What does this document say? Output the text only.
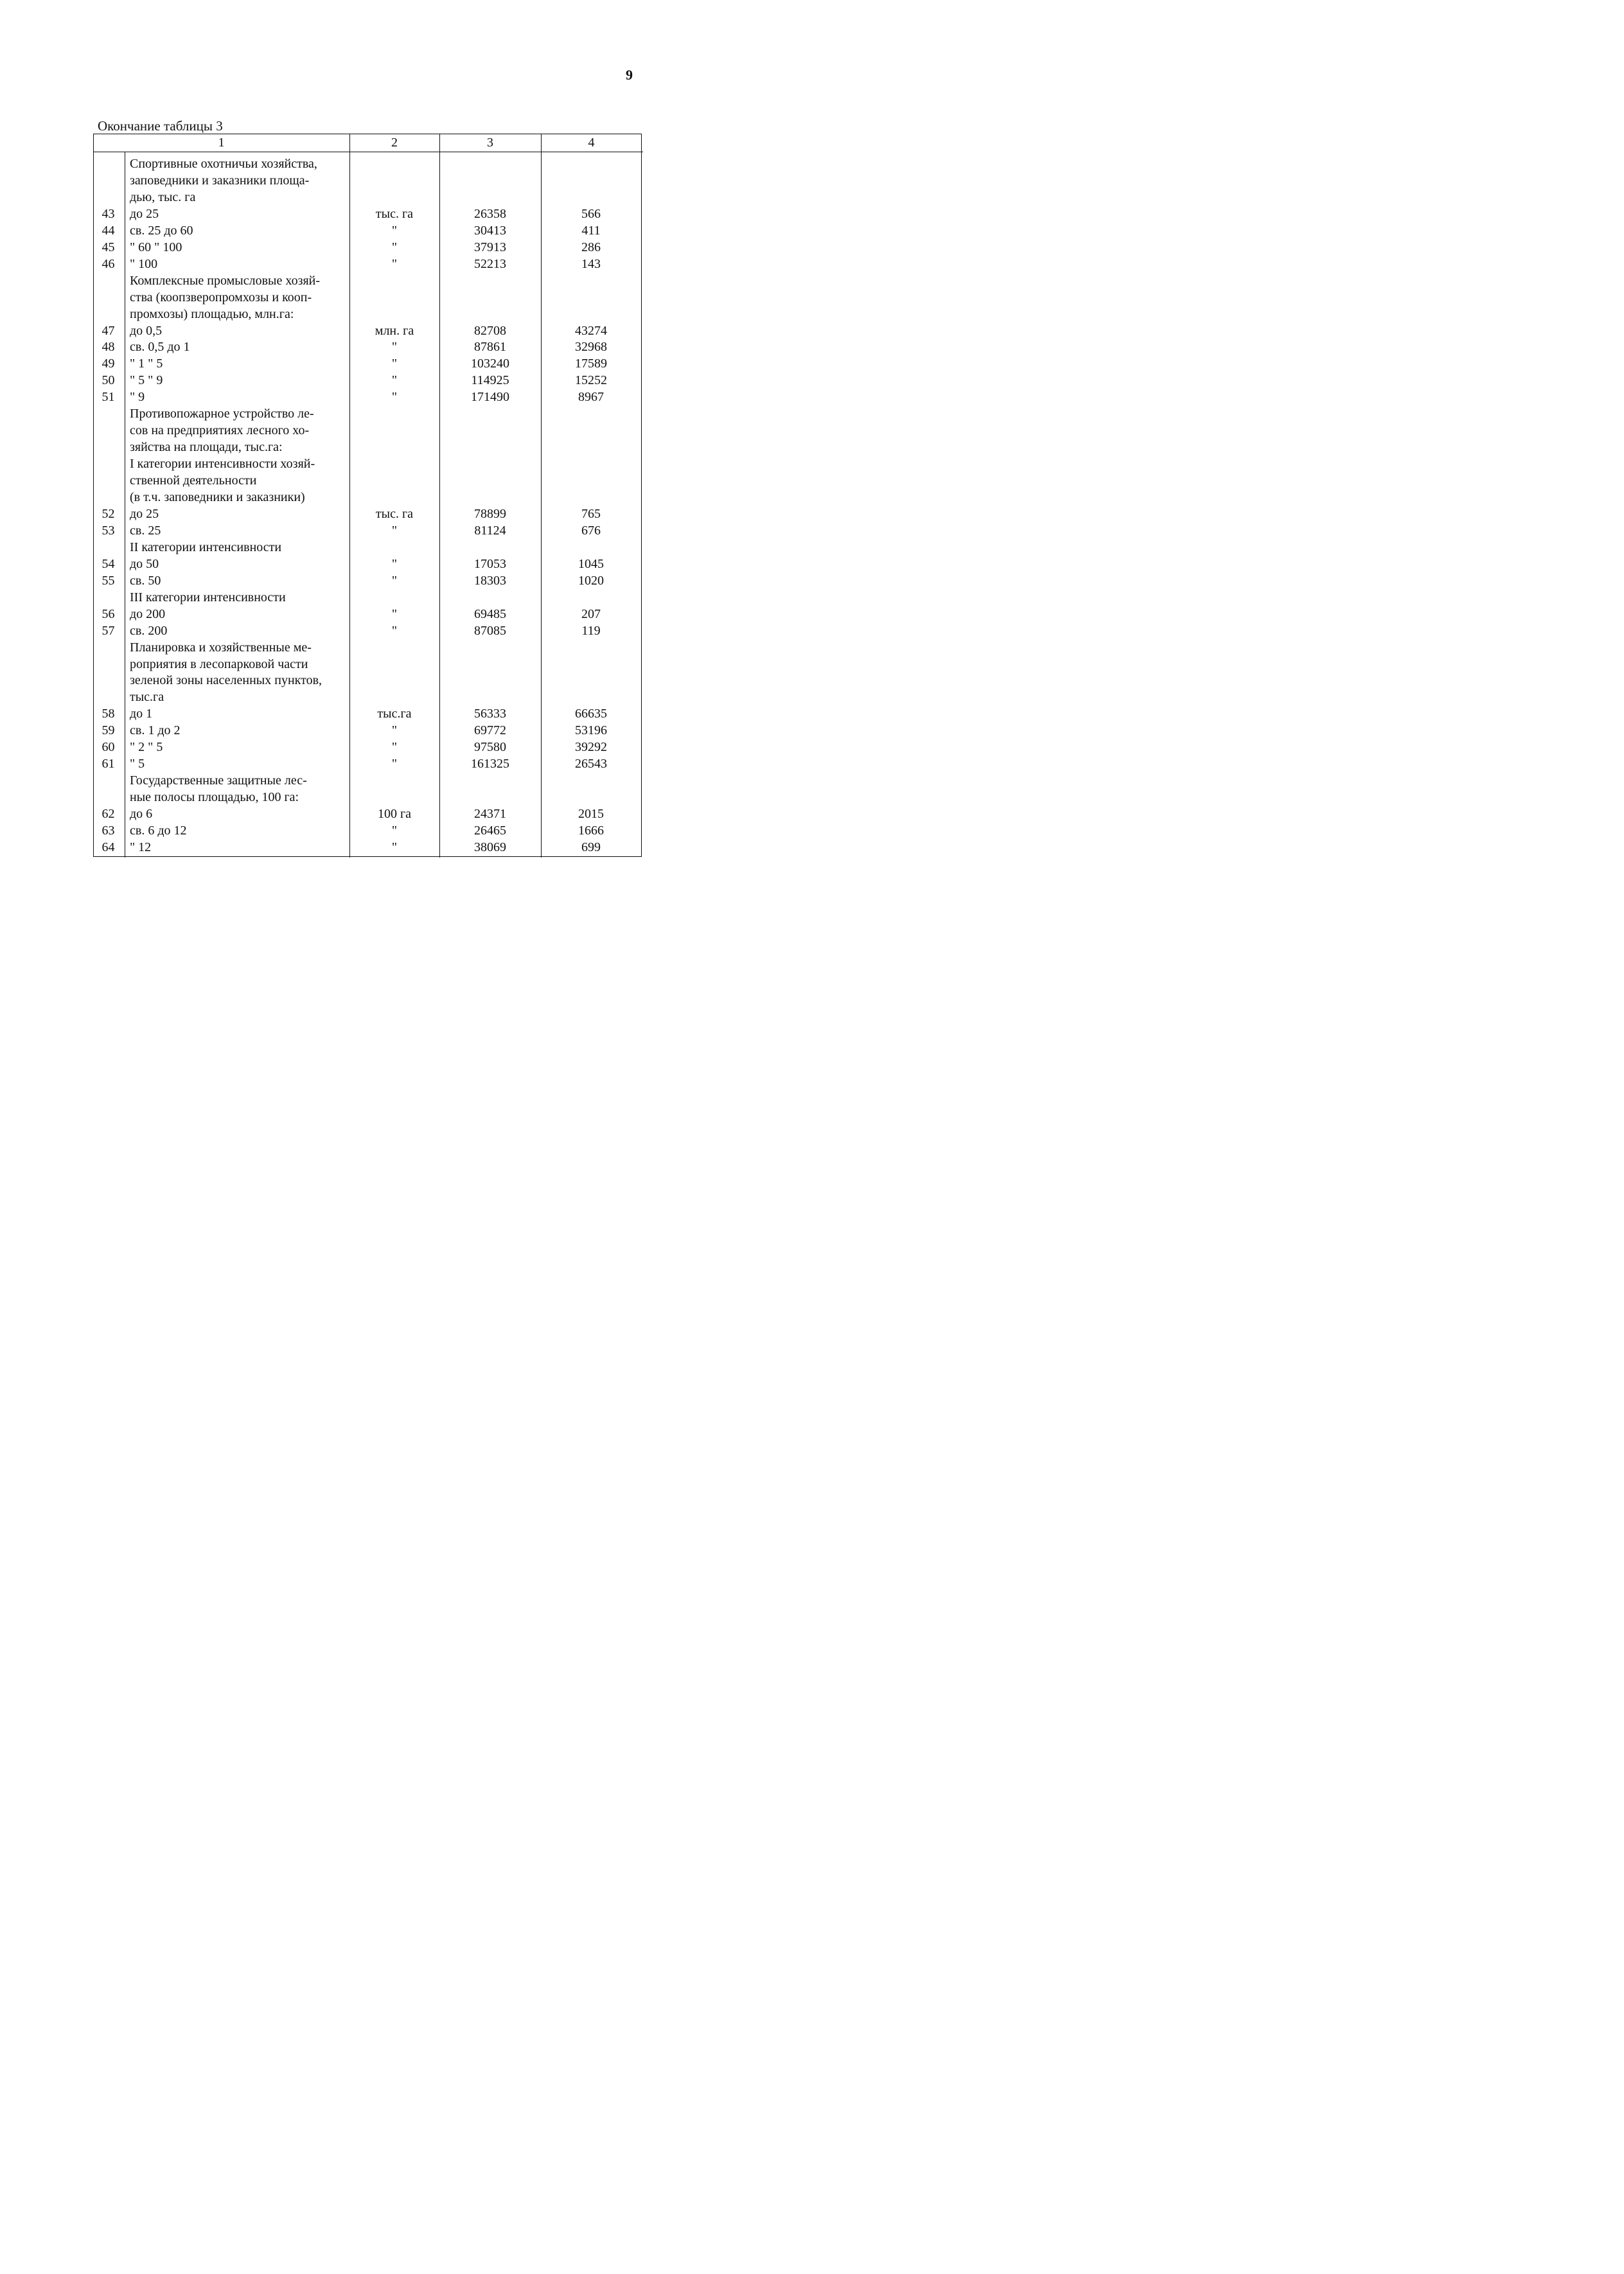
9
Окончание таблицы 3
1	2	3	4
Спортивные охотничьи хозяйства,
заповедники и заказники площа-
дью, тыс. га
43	до 25	тыс. га	26358	566
44	св. 25 до 60	"	30413	411
45	" 60 " 100	"	37913	286
46	" 100	"	52213	143
Комплексные промысловые хозяй-
ства (коопзверопромхозы и кооп-
промхозы) площадью, млн.га:
47	до 0,5	млн. га	82708	43274
48	св. 0,5 до 1	"	87861	32968
49	" 1 " 5	"	103240	17589
50	" 5 " 9	"	114925	15252
51	" 9	"	171490	8967
Противопожарное устройство ле-
сов на предприятиях лесного хо-
зяйства на площади, тыс.га:
I категории интенсивности хозяй-
ственной деятельности
(в т.ч. заповедники и заказники)
52	до 25	тыс. га	78899	765
53	св. 25	"	81124	676
II категории интенсивности
54	до 50	"	17053	1045
55	св. 50	"	18303	1020
III категории интенсивности
56	до 200	"	69485	207
57	св. 200	"	87085	119
Планировка и хозяйственные ме-
роприятия в лесопарковой части
зеленой зоны населенных пунктов,
тыс.га
58	до 1	тыс.га	56333	66635
59	св. 1 до 2	"	69772	53196
60	" 2 " 5	"	97580	39292
61	" 5	"	161325	26543
Государственные защитные лес-
ные полосы площадью, 100 га:
62	до 6	100 га	24371	2015
63	св. 6 до 12	"	26465	1666
64	" 12	"	38069	699
